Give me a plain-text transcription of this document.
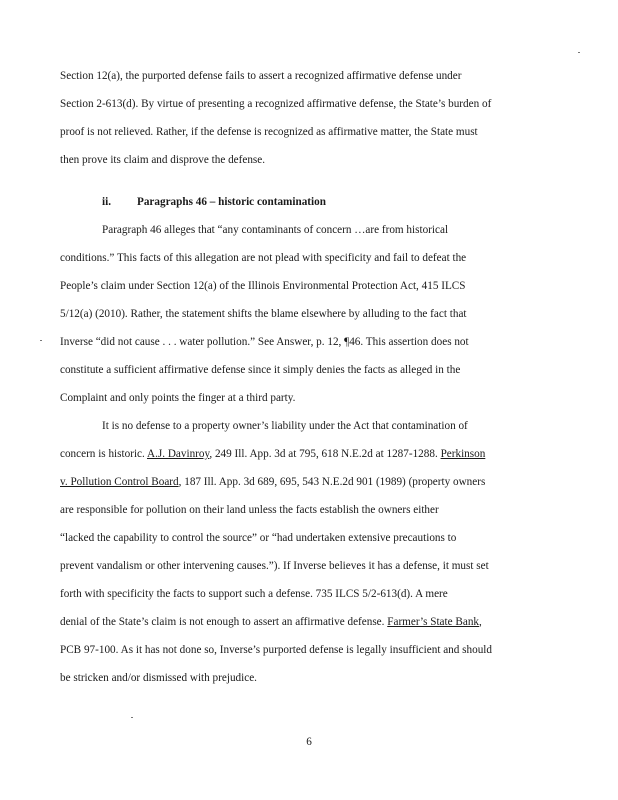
Section 12(a), the purported defense fails to assert a recognized affirmative defense under
Section 2-613(d). By virtue of presenting a recognized affirmative defense, the State’s burden of
proof is not relieved. Rather, if the defense is recognized as affirmative matter, the State must
then prove its claim and disprove the defense.
ii. Paragraphs 46 – historic contamination
Paragraph 46 alleges that “any contaminants of concern …are from historical
conditions.” This facts of this allegation are not plead with specificity and fail to defeat the
People’s claim under Section 12(a) of the Illinois Environmental Protection Act, 415 ILCS
5/12(a) (2010). Rather, the statement shifts the blame elsewhere by alluding to the fact that
Inverse “did not cause . . . water pollution.” See Answer, p. 12, ¶46. This assertion does not
constitute a sufficient affirmative defense since it simply denies the facts as alleged in the
Complaint and only points the finger at a third party.
It is no defense to a property owner’s liability under the Act that contamination of
concern is historic. A.J. Davinroy, 249 Ill. App. 3d at 795, 618 N.E.2d at 1287-1288. Perkinson
v. Pollution Control Board, 187 Ill. App. 3d 689, 695, 543 N.E.2d 901 (1989) (property owners
are responsible for pollution on their land unless the facts establish the owners either
“lacked the capability to control the source” or “had undertaken extensive precautions to
prevent vandalism or other intervening causes.”). If Inverse believes it has a defense, it must set
forth with specificity the facts to support such a defense. 735 ILCS 5/2-613(d). A mere
denial of the State’s claim is not enough to assert an affirmative defense. Farmer’s State Bank,
PCB 97-100. As it has not done so, Inverse’s purported defense is legally insufficient and should
be stricken and/or dismissed with prejudice.
6
